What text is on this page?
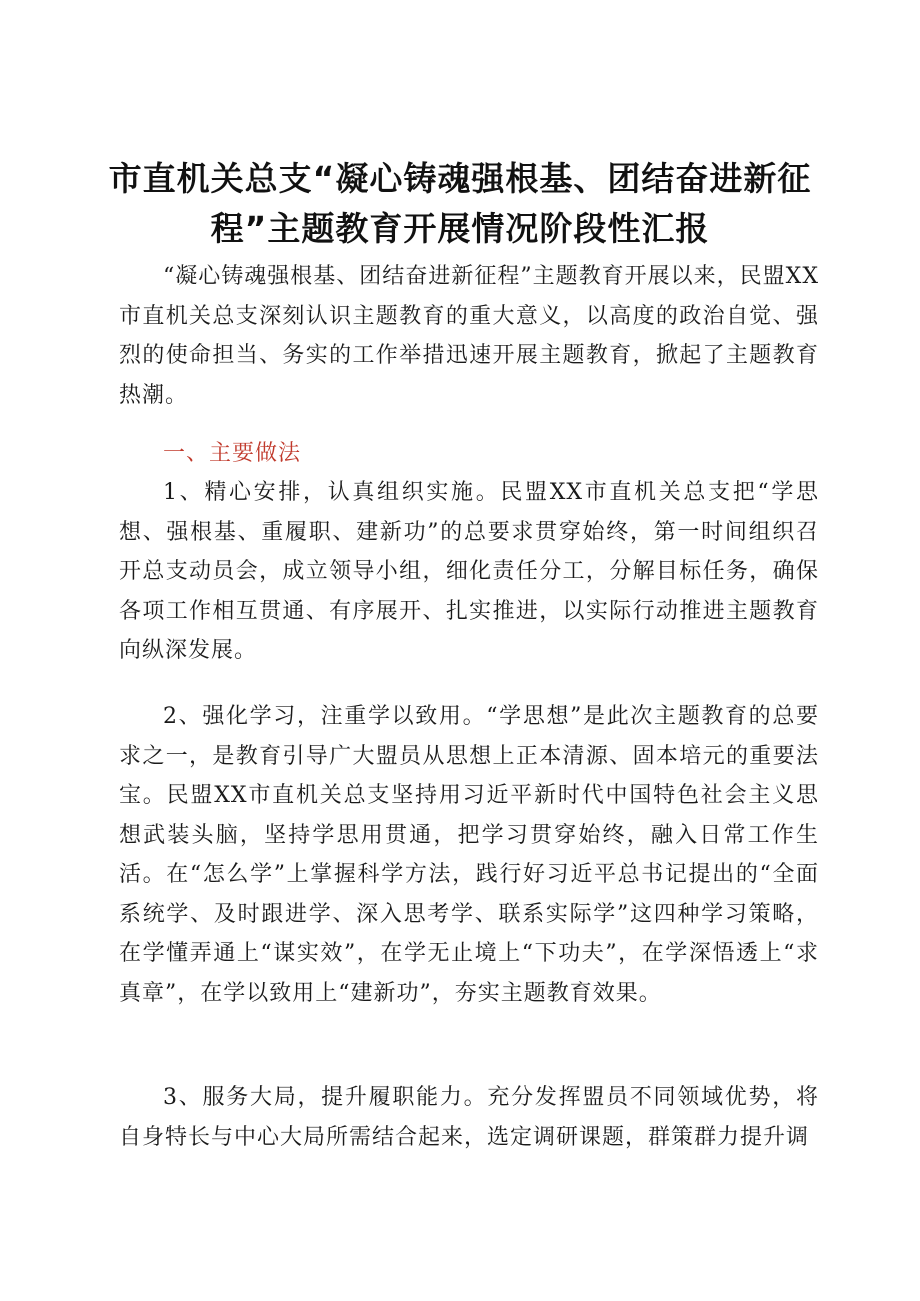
市直机关总支“凝心铸魂强根基、团结奋进新征程”主题教育开展情况阶段性汇报

“凝心铸魂强根基、团结奋进新征程”主题教育开展以来，民盟XX市直机关总支深刻认识主题教育的重大意义，以高度的政治自觉、强烈的使命担当、务实的工作举措迅速开展主题教育，掀起了主题教育热潮。

一、主要做法

1、精心安排，认真组织实施。民盟XX市直机关总支把“学思想、强根基、重履职、建新功”的总要求贯穿始终，第一时间组织召开总支动员会，成立领导小组，细化责任分工，分解目标任务，确保各项工作相互贯通、有序展开、扎实推进，以实际行动推进主题教育向纵深发展。

2、强化学习，注重学以致用。“学思想”是此次主题教育的总要求之一，是教育引导广大盟员从思想上正本清源、固本培元的重要法宝。民盟XX市直机关总支坚持用习近平新时代中国特色社会主义思想武装头脑，坚持学思用贯通，把学习贯穿始终，融入日常工作生活。在“怎么学”上掌握科学方法，践行好习近平总书记提出的“全面系统学、及时跟进学、深入思考学、联系实际学”这四种学习策略，在学懂弄通上“谋实效”，在学无止境上“下功夫”，在学深悟透上“求真章”，在学以致用上“建新功”，夯实主题教育效果。

3、服务大局，提升履职能力。充分发挥盟员不同领域优势，将自身特长与中心大局所需结合起来，选定调研课题，群策群力提升调
